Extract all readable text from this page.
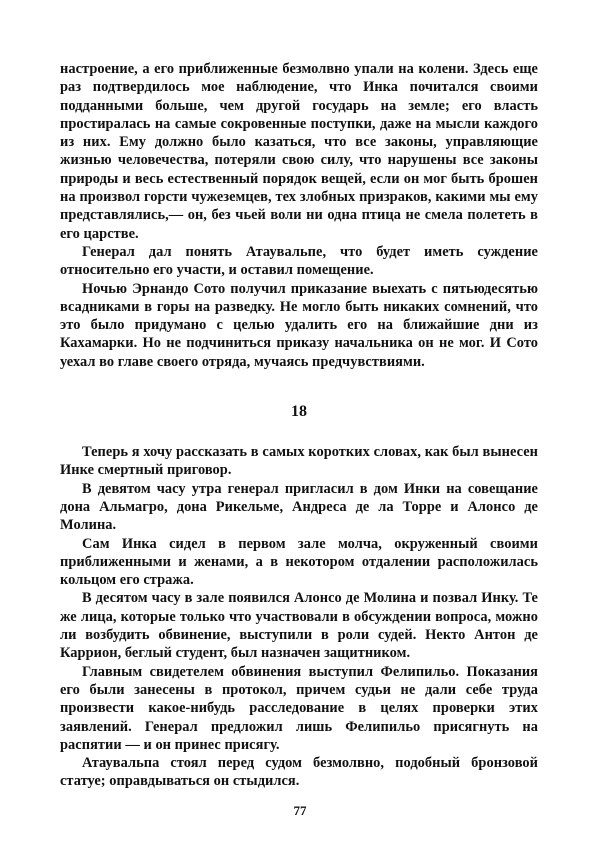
настроение, а его приближенные безмолвно упали на колени. Здесь еще раз подтвердилось мое наблюдение, что Инка почитался своими подданными больше, чем другой государь на земле; его власть простиралась на самые сокровенные поступки, даже на мысли каждого из них. Ему должно было казаться, что все законы, управляющие жизнью человечества, потеряли свою силу, что нарушены все законы природы и весь естественный порядок вещей, если он мог быть брошен на произвол горсти чужеземцев, тех злобных призраков, какими мы ему представлялись,— он, без чьей воли ни одна птица не смела полететь в его царстве.

Генерал дал понять Атаувальпе, что будет иметь суждение относительно его участи, и оставил помещение.

Ночью Эрнандо Сото получил приказание выехать с пятьюдесятью всадниками в горы на разведку. Не могло быть никаких сомнений, что это было придумано с целью удалить его на ближайшие дни из Кахамарки. Но не подчиниться приказу начальника он не мог. И Сото уехал во главе своего отряда, мучаясь предчувствиями.

18

Теперь я хочу рассказать в самых коротких словах, как был вынесен Инке смертный приговор.

В девятом часу утра генерал пригласил в дом Инки на совещание дона Альмагро, дона Рикельме, Андреса де ла Торре и Алонсо де Молина.

Сам Инка сидел в первом зале молча, окруженный своими приближенными и женами, а в некотором отдалении расположилась кольцом его стража.

В десятом часу в зале появился Алонсо де Молина и позвал Инку. Те же лица, которые только что участвовали в обсуждении вопроса, можно ли возбудить обвинение, выступили в роли судей. Некто Антон де Каррион, беглый студент, был назначен защитником.

Главным свидетелем обвинения выступил Фелипильо. Показания его были занесены в протокол, причем судьи не дали себе труда произвести какое-нибудь расследование в целях проверки этих заявлений. Генерал предложил лишь Фелипильо присягнуть на распятии — и он принес присягу.

Атаувальпа стоял перед судом безмолвно, подобный бронзовой статуе; оправдываться он стыдился.

77
